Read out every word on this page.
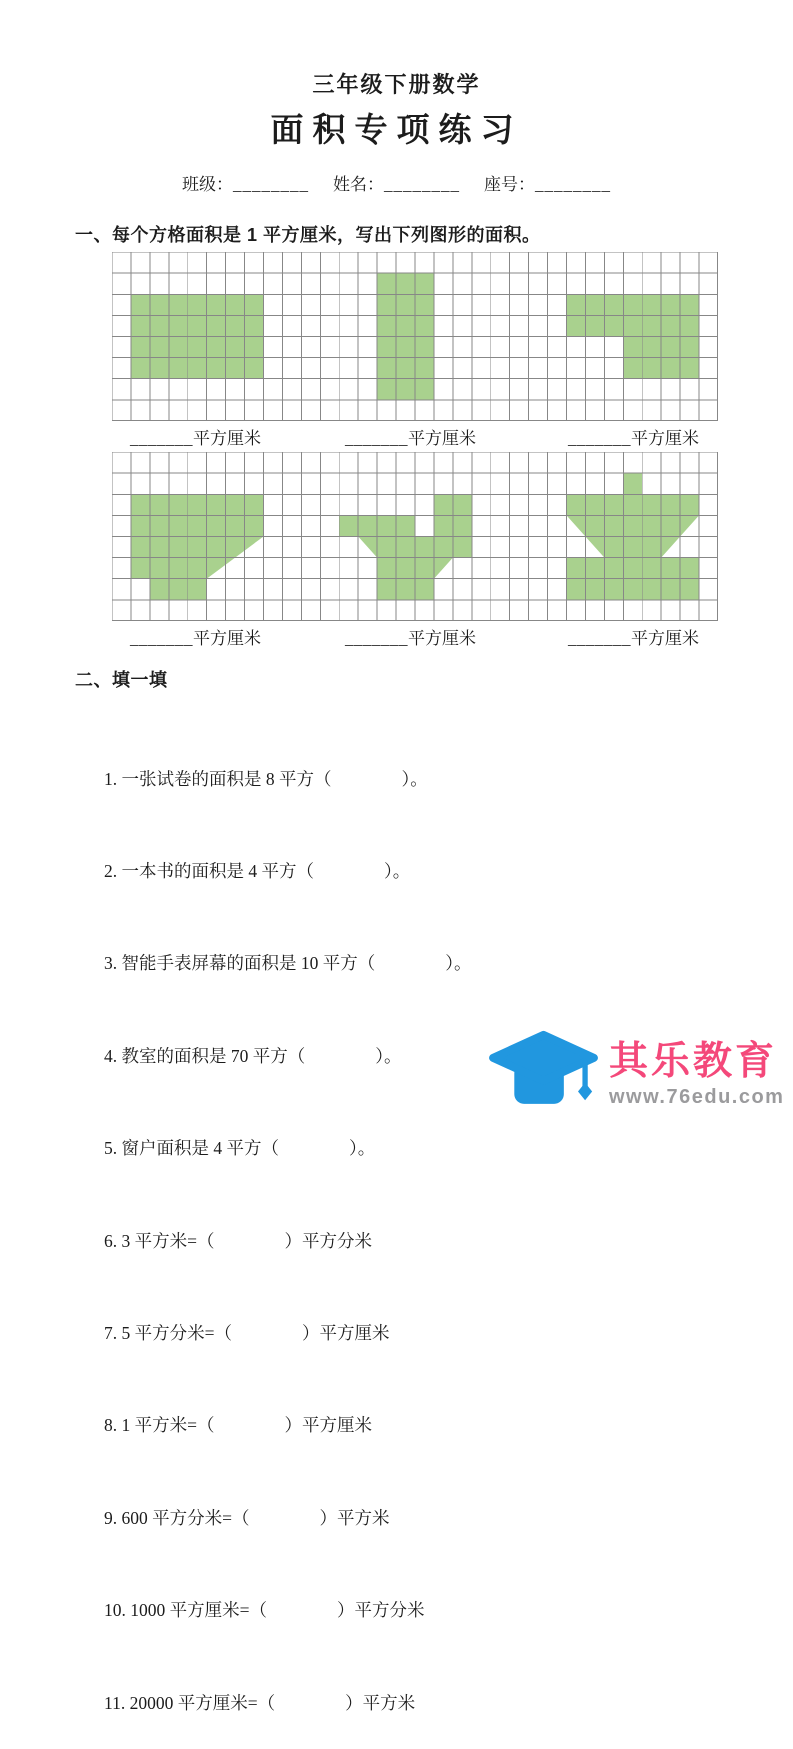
三年级下册数学
面积专项练习
班级：________ 姓名：________ 座号：________
一、每个方格面积是 1 平方厘米，写出下列图形的面积。
_______平方厘米	_______平方厘米	_______平方厘米
_______平方厘米	_______平方厘米	_______平方厘米
二、填一填

1. 一张试卷的面积是 8 平方（　　　　）。

2. 一本书的面积是 4 平方（　　　　）。

3. 智能手表屏幕的面积是 10 平方（　　　　）。

4. 教室的面积是 70 平方（　　　　）。

5. 窗户面积是 4 平方（　　　　）。

6. 3 平方米=（　　　　）平方分米

7. 5 平方分米=（　　　　）平方厘米

8. 1 平方米=（　　　　）平方厘米

9. 600 平方分米=（　　　　）平方米

10. 1000 平方厘米=（　　　　）平方分米

11. 20000 平方厘米=（　　　　）平方米

其乐教育
www.76edu.com
